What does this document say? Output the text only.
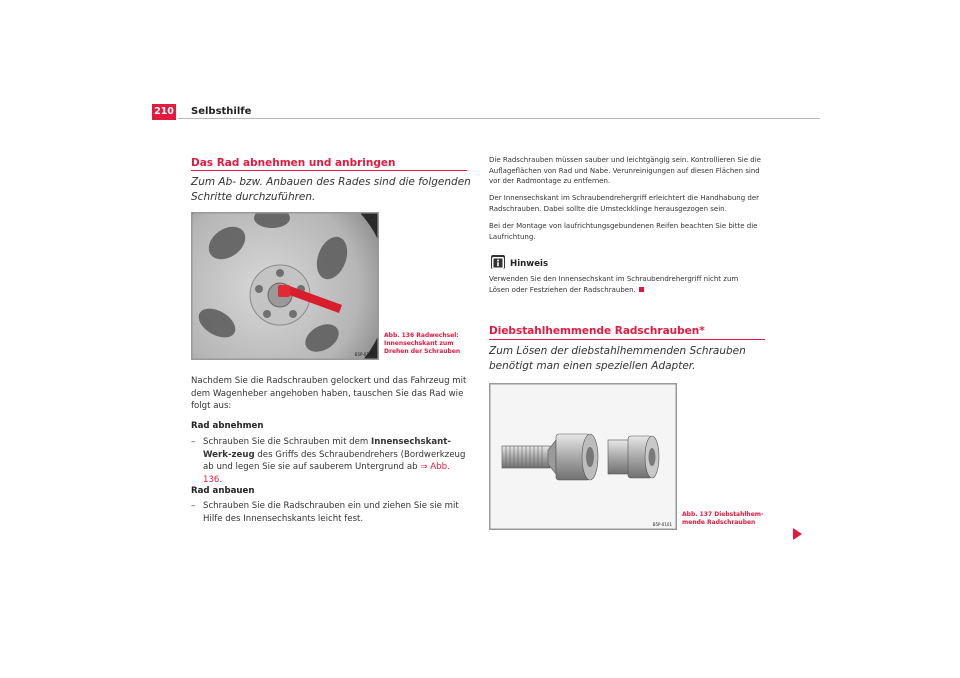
210 Selbsthilfe
Das Rad abnehmen und anbringen
Zum Ab- bzw. Anbauen des Rades sind die folgenden Schritte durchzuführen.
B5P-0103
Abb. 136 Radwechsel: Innensechskant zum Drehen der Schrauben
Nachdem Sie die Radschrauben gelockert und das Fahrzeug mit dem Wagenheber angehoben haben, tauschen Sie das Rad wie folgt aus:
Rad abnehmen
– Schrauben Sie die Schrauben mit dem Innensechskant-Werk-zeug des Griffs des Schraubendrehers (Bordwerkzeug ab und legen Sie sie auf sauberem Untergrund ab ⇒ Abb. 136.
Rad anbauen
– Schrauben Sie die Radschrauben ein und ziehen Sie sie mit Hilfe des Innensechskants leicht fest.
Die Radschrauben müssen sauber und leichtgängig sein. Kontrollieren Sie die Auflageflächen von Rad und Nabe. Verunreinigungen auf diesen Flächen sind vor der Radmontage zu entfernen.
Der Innensechskant im Schraubendrehergriff erleichtert die Handhabung der Radschrauben. Dabei sollte die Umsteckklinge herausgezogen sein.
Bei der Montage von laufrichtungsgebundenen Reifen beachten Sie bitte die Laufrichtung.
Hinweis
Verwenden Sie den Innensechskant im Schraubendrehergriff nicht zum Lösen oder Festziehen der Radschrauben.
Diebstahlhemmende Radschrauben*
Zum Lösen der diebstahlhemmenden Schrauben benötigt man einen speziellen Adapter.
B5P-0101
Abb. 137 Diebstahlhem-mende Radschrauben
